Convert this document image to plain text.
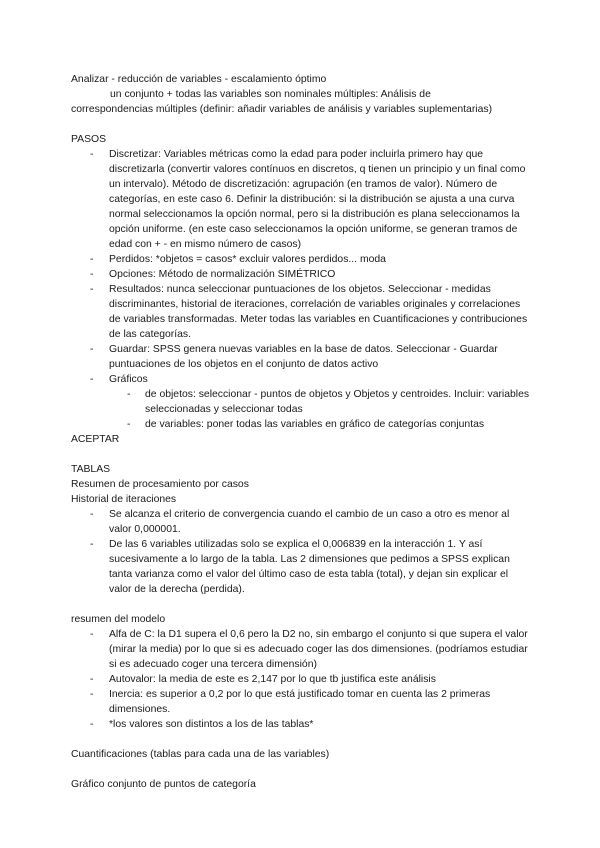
Analizar - reducción de variables - escalamiento óptimo
un conjunto + todas las variables son nominales múltiples: Análisis de
correspondencias múltiples (definir: añadir variables de análisis y variables suplementarias)
PASOS
- Discretizar: Variables métricas como la edad para poder incluirla primero hay que discretizarla (convertir valores contínuos en discretos, q tienen un principio y un final como un intervalo). Método de discretización: agrupación (en tramos de valor). Número de categorías, en este caso 6. Definir la distribución: si la distribución se ajusta a una curva normal seleccionamos la opción normal, pero si la distribución es plana seleccionamos la opción uniforme. (en este caso seleccionamos la opción uniforme, se generan tramos de edad con + - en mismo número de casos)
- Perdidos: *objetos = casos* excluir valores perdidos... moda
- Opciones: Método de normalización SIMÉTRICO
- Resultados: nunca seleccionar puntuaciones de los objetos. Seleccionar - medidas discriminantes, historial de iteraciones, correlación de variables originales y correlaciones de variables transformadas. Meter todas las variables en Cuantificaciones y contribuciones de las categorías.
- Guardar: SPSS genera nuevas variables en la base de datos. Seleccionar - Guardar puntuaciones de los objetos en el conjunto de datos activo
- Gráficos
- de objetos: seleccionar - puntos de objetos y Objetos y centroides. Incluir: variables seleccionadas y seleccionar todas
- de variables: poner todas las variables en gráfico de categorías conjuntas
ACEPTAR
TABLAS
Resumen de procesamiento por casos
Historial de iteraciones
- Se alcanza el criterio de convergencia cuando el cambio de un caso a otro es menor al valor 0,000001.
- De las 6 variables utilizadas solo se explica el 0,006839 en la interacción 1. Y así sucesivamente a lo largo de la tabla. Las 2 dimensiones que pedimos a SPSS explican tanta varianza como el valor del último caso de esta tabla (total), y dejan sin explicar el valor de la derecha (perdida).
resumen del modelo
- Alfa de C: la D1 supera el 0,6 pero la D2 no, sin embargo el conjunto si que supera el valor (mirar la media) por lo que si es adecuado coger las dos dimensiones. (podríamos estudiar si es adecuado coger una tercera dimensión)
- Autovalor: la media de este es 2,147 por lo que tb justifica este análisis
- Inercia: es superior a 0,2 por lo que está justificado tomar en cuenta las 2 primeras dimensiones.
- *los valores son distintos a los de las tablas*
Cuantificaciones (tablas para cada una de las variables)
Gráfico conjunto de puntos de categoría
